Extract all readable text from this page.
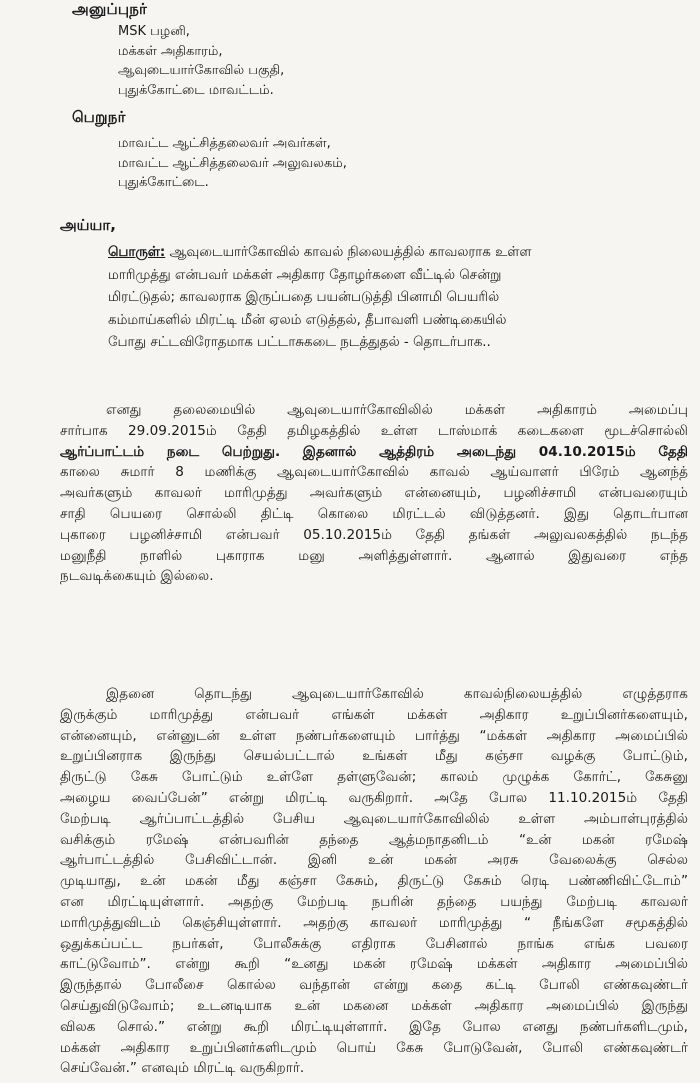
அனுப்புநர்
MSK பழனி,
மக்கள் அதிகாரம்,
ஆவுடையார்கோவில் பகுதி,
புதுக்கோட்டை மாவட்டம்.
பெறுநர்
மாவட்ட ஆட்சித்தலைவர் அவர்கள்,
மாவட்ட ஆட்சித்தலைவர் அலுவலகம்,
புதுக்கோட்டை.
அய்யா,
பொருள்: ஆவுடையார்கோவில் காவல் நிலையத்தில் காவலராக உள்ள
மாரிமுத்து என்பவர் மக்கள் அதிகார தோழர்களை வீட்டில் சென்று
மிரட்டுதல்; காவலராக இருப்பதை பயன்படுத்தி பினாமி பெயரில்
கம்மாய்களில் மிரட்டி மீன் ஏலம் எடுத்தல், தீபாவளி பண்டிகையில்
போது சட்டவிரோதமாக பட்டாசுகடை நடத்துதல் - தொடர்பாக..
எனது தலைமையில் ஆவுடையார்கோவிலில் மக்கள் அதிகாரம் அமைப்பு
சார்பாக 29.09.2015ம் தேதி தமிழகத்தில் உள்ள டாஸ்மாக் கடைகளை மூடச்சொல்லி
ஆர்ப்பாட்டம் நடை பெற்றுது. இதனால் ஆத்திரம் அடைந்து 04.10.2015ம் தேதி
காலை சுமார் 8 மணிக்கு ஆவுடையார்கோவில் காவல் ஆய்வாளர் பிரேம் ஆனந்த்
அவர்களும் காவலர் மாரிமுத்து அவர்களும் என்னையும், பழனிச்சாமி என்பவரையும்
சாதி பெயரை சொல்லி திட்டி கொலை மிரட்டல் விடுத்தனர். இது தொடர்பான
புகாரை பழனிச்சாமி என்பவர் 05.10.2015ம் தேதி தங்கள் அலுவலகத்தில் நடந்த
மனுநீதி நாளில் புகாராக மனு அளித்துள்ளார். ஆனால் இதுவரை எந்த
நடவடிக்கையும் இல்லை.
இதனை தொடந்து ஆவுடையார்கோவில் காவல்நிலையத்தில் எழுத்தராக
இருக்கும் மாரிமுத்து என்பவர் எங்கள் மக்கள் அதிகார உறுப்பினர்களையும்,
என்னையும், என்னுடன் உள்ள நண்பர்களையும் பார்த்து “மக்கள் அதிகார அமைப்பில்
உறுப்பினராக இருந்து செயல்பட்டால் உங்கள் மீது கஞ்சா வழக்கு போட்டும்,
திருட்டு கேசு போட்டும் உள்ளே தள்ளுவேன்; காலம் முழுக்க கோர்ட், கேசுனு
அழைய வைப்பேன்” என்று மிரட்டி வருகிறார். அதே போல 11.10.2015ம் தேதி
மேற்படி ஆர்ப்பாட்டத்தில் பேசிய ஆவுடையார்கோவிலில் உள்ள அம்பாள்புரத்தில்
வசிக்கும் ரமேஷ் என்பவரின் தந்தை ஆத்மநாதனிடம் “உன் மகன் ரமேஷ்
ஆர்பாட்டத்தில் பேசிவிட்டான். இனி உன் மகன் அரசு வேலைக்கு செல்ல
முடியாது, உன் மகன் மீது கஞ்சா கேசும், திருட்டு கேசும் ரெடி பண்ணிவிட்டோம்”
என மிரட்டியுள்ளார். அதற்கு மேற்படி நபரின் தந்தை பயந்து மேற்படி காவலர்
மாரிமுத்துவிடம் கெஞ்சியுள்ளார். அதற்கு காவலர் மாரிமுத்து “ நீங்களே சமூகத்தில்
ஒதுக்கப்பட்ட நபர்கள், போலீசுக்கு எதிராக பேசினால் நாங்க எங்க பவரை
காட்டுவோம்”. என்று கூறி “உனது மகன் ரமேஷ் மக்கள் அதிகார அமைப்பில்
இருந்தால் போலீசை கொல்ல வந்தான் என்று கதை கட்டி போலி எண்கவுண்டர்
செய்துவிடுவோம்; உடனடியாக உன் மகனை மக்கள் அதிகார அமைப்பில் இருந்து
விலக சொல்.” என்று கூறி மிரட்டியுள்ளார். இதே போல எனது நண்பர்களிடமும்,
மக்கள் அதிகார உறுப்பினர்களிடமும் பொய் கேசு போடுவேன், போலி எண்கவுண்டர்
செய்வேன்.” எனவும் மிரட்டி வருகிறார்.
